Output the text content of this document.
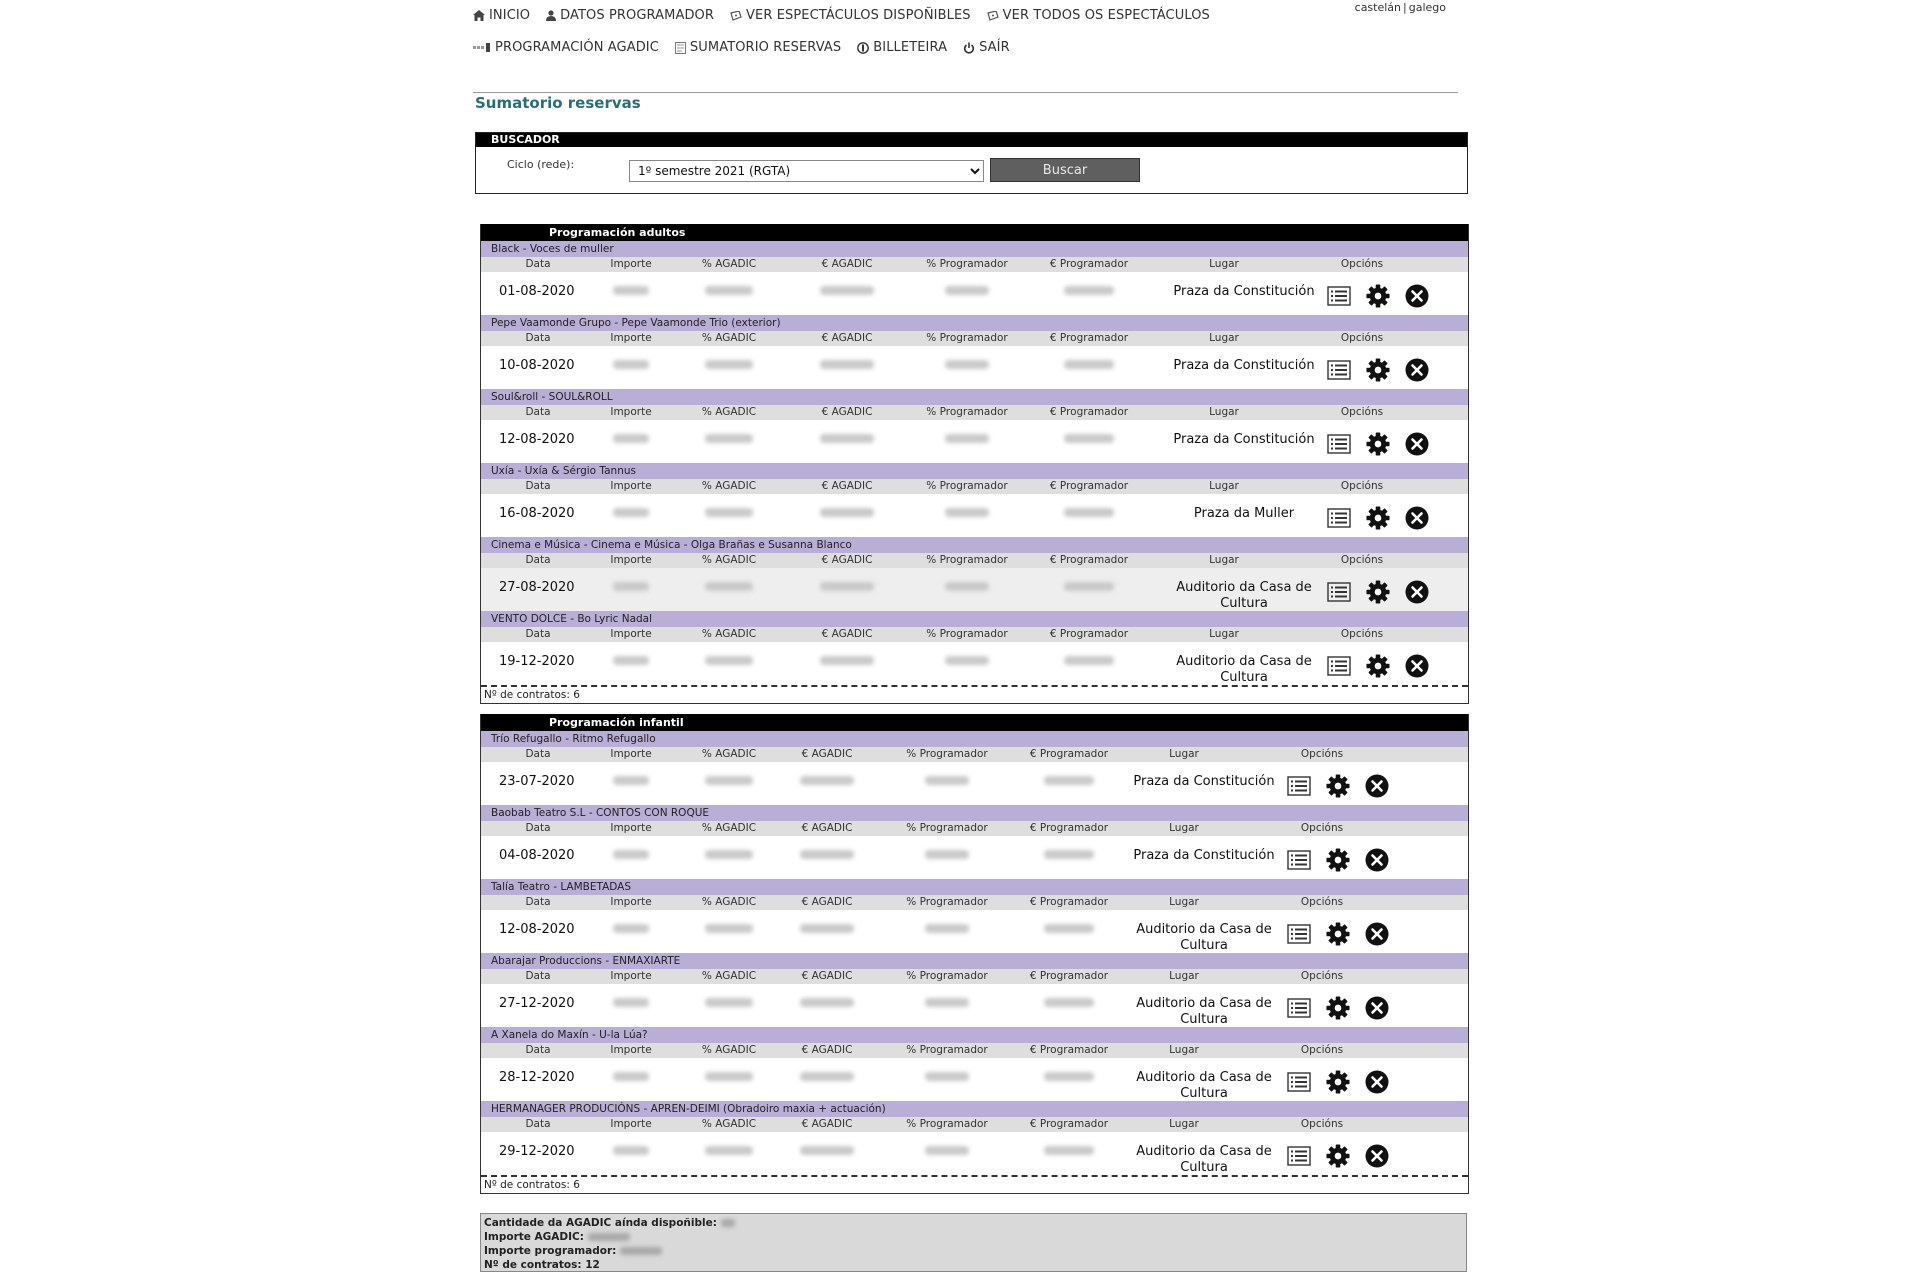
INICIO DATOS PROGRAMADOR VER ESPECTÁCULOS DISPOÑIBLES VER TODOS OS ESPECTÁCULOS
PROGRAMACIÓN AGADIC SUMATORIO RESERVAS BILLETEIRA SAÍR
castelán | galego
Sumatorio reservas
BUSCADOR
Ciclo (rede):
1º semestre 2021 (RGTA)	Buscar
Programación adultos
Black - Voces de muller
Data	Importe	% AGADIC	€ AGADIC	% Programador	€ Programador	Lugar	Opcións
01-08-2020	Praza da Constitución
Pepe Vaamonde Grupo - Pepe Vaamonde Trio (exterior)
Data	Importe	% AGADIC	€ AGADIC	% Programador	€ Programador	Lugar	Opcións
10-08-2020	Praza da Constitución
Soul&roll - SOUL&ROLL
Data	Importe	% AGADIC	€ AGADIC	% Programador	€ Programador	Lugar	Opcións
12-08-2020	Praza da Constitución
Uxía - Uxía & Sérgio Tannus
Data	Importe	% AGADIC	€ AGADIC	% Programador	€ Programador	Lugar	Opcións
16-08-2020	Praza da Muller
Cinema e Música - Cinema e Música - Olga Brañas e Susanna Blanco
Data	Importe	% AGADIC	€ AGADIC	% Programador	€ Programador	Lugar	Opcións
27-08-2020	Auditorio da Casa de Cultura
VENTO DOLCE - Bo Lyric Nadal
Data	Importe	% AGADIC	€ AGADIC	% Programador	€ Programador	Lugar	Opcións
19-12-2020	Auditorio da Casa de Cultura
Nº de contratos: 6
Programación infantil
Trío Refugallo - Ritmo Refugallo
Data	Importe	% AGADIC	€ AGADIC	% Programador	€ Programador	Lugar	Opcións
23-07-2020	Praza da Constitución
Baobab Teatro S.L - CONTOS CON ROQUE
Data	Importe	% AGADIC	€ AGADIC	% Programador	€ Programador	Lugar	Opcións
04-08-2020	Praza da Constitución
Talía Teatro - LAMBETADAS
Data	Importe	% AGADIC	€ AGADIC	% Programador	€ Programador	Lugar	Opcións
12-08-2020	Auditorio da Casa de Cultura
Abarajar Produccions - ENMAXIARTE
Data	Importe	% AGADIC	€ AGADIC	% Programador	€ Programador	Lugar	Opcións
27-12-2020	Auditorio da Casa de Cultura
A Xanela do Maxín - U-la Lúa?
Data	Importe	% AGADIC	€ AGADIC	% Programador	€ Programador	Lugar	Opcións
28-12-2020	Auditorio da Casa de Cultura
HERMANAGER PRODUCIÓNS - APREN-DEIMI (Obradoiro maxia + actuación)
Data	Importe	% AGADIC	€ AGADIC	% Programador	€ Programador	Lugar	Opcións
29-12-2020	Auditorio da Casa de Cultura
Nº de contratos: 6
Cantidade da AGADIC aínda dispoñible:
Importe AGADIC:
Importe programador:
Nº de contratos: 12
